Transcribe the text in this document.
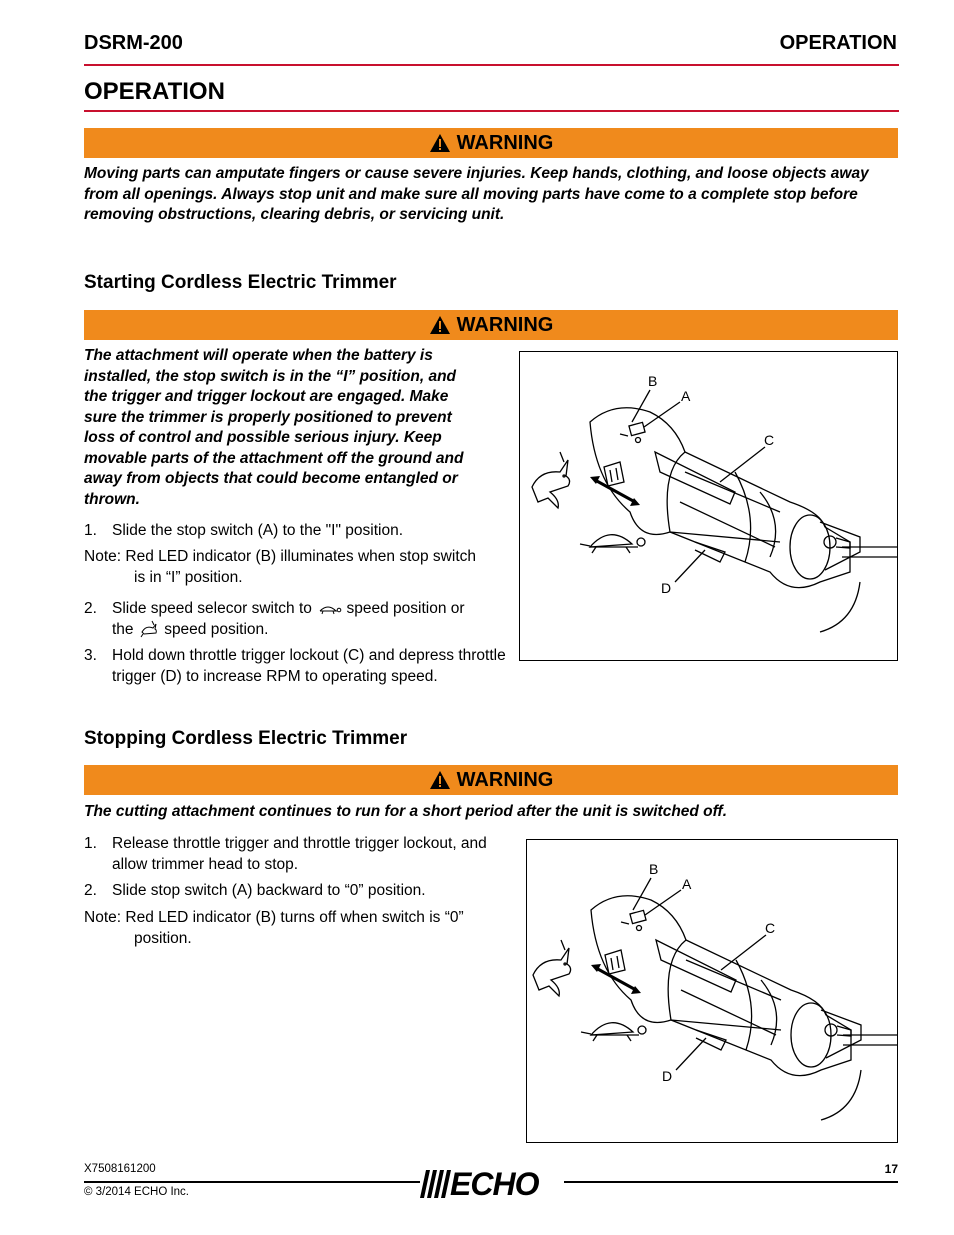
DSRM-200	OPERATION
OPERATION
WARNING
Moving parts can amputate fingers or cause severe injuries. Keep hands, clothing, and loose objects away from all openings. Always stop unit and make sure all moving parts have come to a complete stop before removing obstructions, clearing debris, or servicing unit.
Starting Cordless Electric Trimmer
WARNING
The attachment will operate when the battery is
installed, the stop switch is in the “I” position, and
the trigger and trigger lockout are engaged. Make
sure the trimmer is properly positioned to prevent
loss of control and possible serious injury. Keep
movable parts of the attachment off the ground and
away from objects that could become entangled or
thrown.
1. Slide the stop switch (A) to the "I" position.
Note: Red LED indicator (B) illuminates when stop switch is in “I” position.
2. Slide speed selecor switch to speed position or
the speed position.
3. Hold down throttle trigger lockout (C) and depress throttle trigger (D) to increase RPM to operating speed.
B
A
C
D
Stopping Cordless Electric Trimmer
WARNING
The cutting attachment continues to run for a short period after the unit is switched off.
1. Release throttle trigger and throttle trigger lockout, and allow trimmer head to stop.
2. Slide stop switch (A) backward to “0” position.
Note: Red LED indicator (B) turns off when switch is “0” position.
B
A
C
D
X7508161200
© 3/2014 ECHO Inc.
17
ECHO
